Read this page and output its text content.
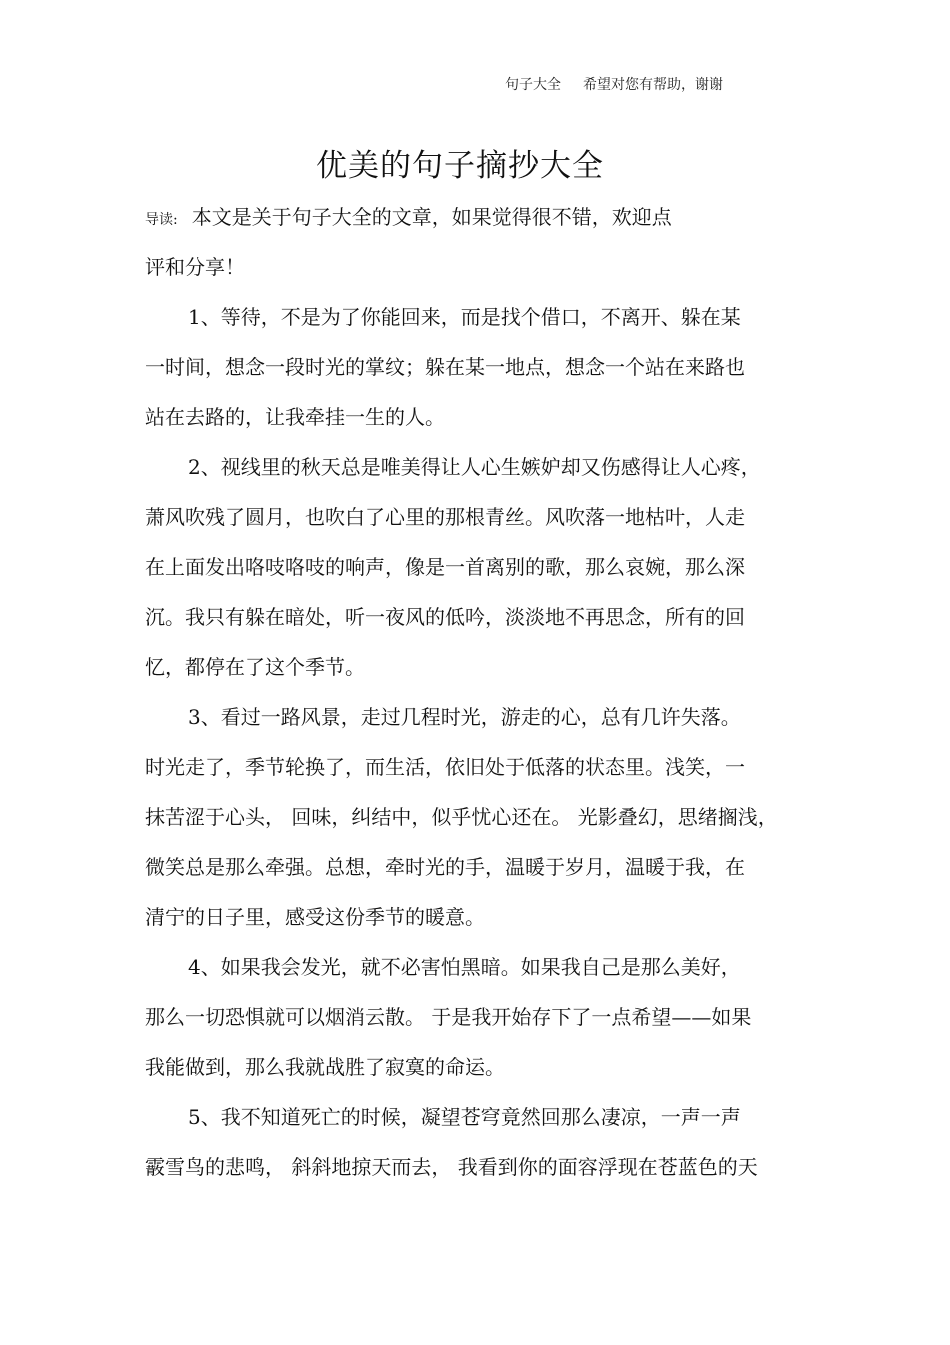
句子大全 希望对您有帮助，谢谢
优美的句子摘抄大全
导读: 本文是关于句子大全的文章，如果觉得很不错，欢迎点
评和分享！
1、等待，不是为了你能回来，而是找个借口，不离开、躲在某
一时间，想念一段时光的掌纹；躲在某一地点，想念一个站在来路也
站在去路的，让我牵挂一生的人。
2、视线里的秋天总是唯美得让人心生嫉妒却又伤感得让人心疼，
萧风吹残了圆月，也吹白了心里的那根青丝。风吹落一地枯叶，人走
在上面发出咯吱咯吱的响声，像是一首离别的歌，那么哀婉，那么深
沉。我只有躲在暗处，听一夜风的低吟，淡淡地不再思念，所有的回
忆，都停在了这个季节。
3、看过一路风景，走过几程时光，游走的心，总有几许失落。
时光走了，季节轮换了，而生活，依旧处于低落的状态里。浅笑，一
抹苦涩于心头， 回味，纠结中，似乎忧心还在。 光影叠幻，思绪搁浅，
微笑总是那么牵强。总想，牵时光的手，温暖于岁月，温暖于我，在
清宁的日子里，感受这份季节的暖意。
4、如果我会发光，就不必害怕黑暗。如果我自己是那么美好，
那么一切恐惧就可以烟消云散。 于是我开始存下了一点希望——如果
我能做到，那么我就战胜了寂寞的命运。
5、我不知道死亡的时候，凝望苍穹竟然回那么凄凉，一声一声
霰雪鸟的悲鸣， 斜斜地掠天而去， 我看到你的面容浮现在苍蓝色的天
